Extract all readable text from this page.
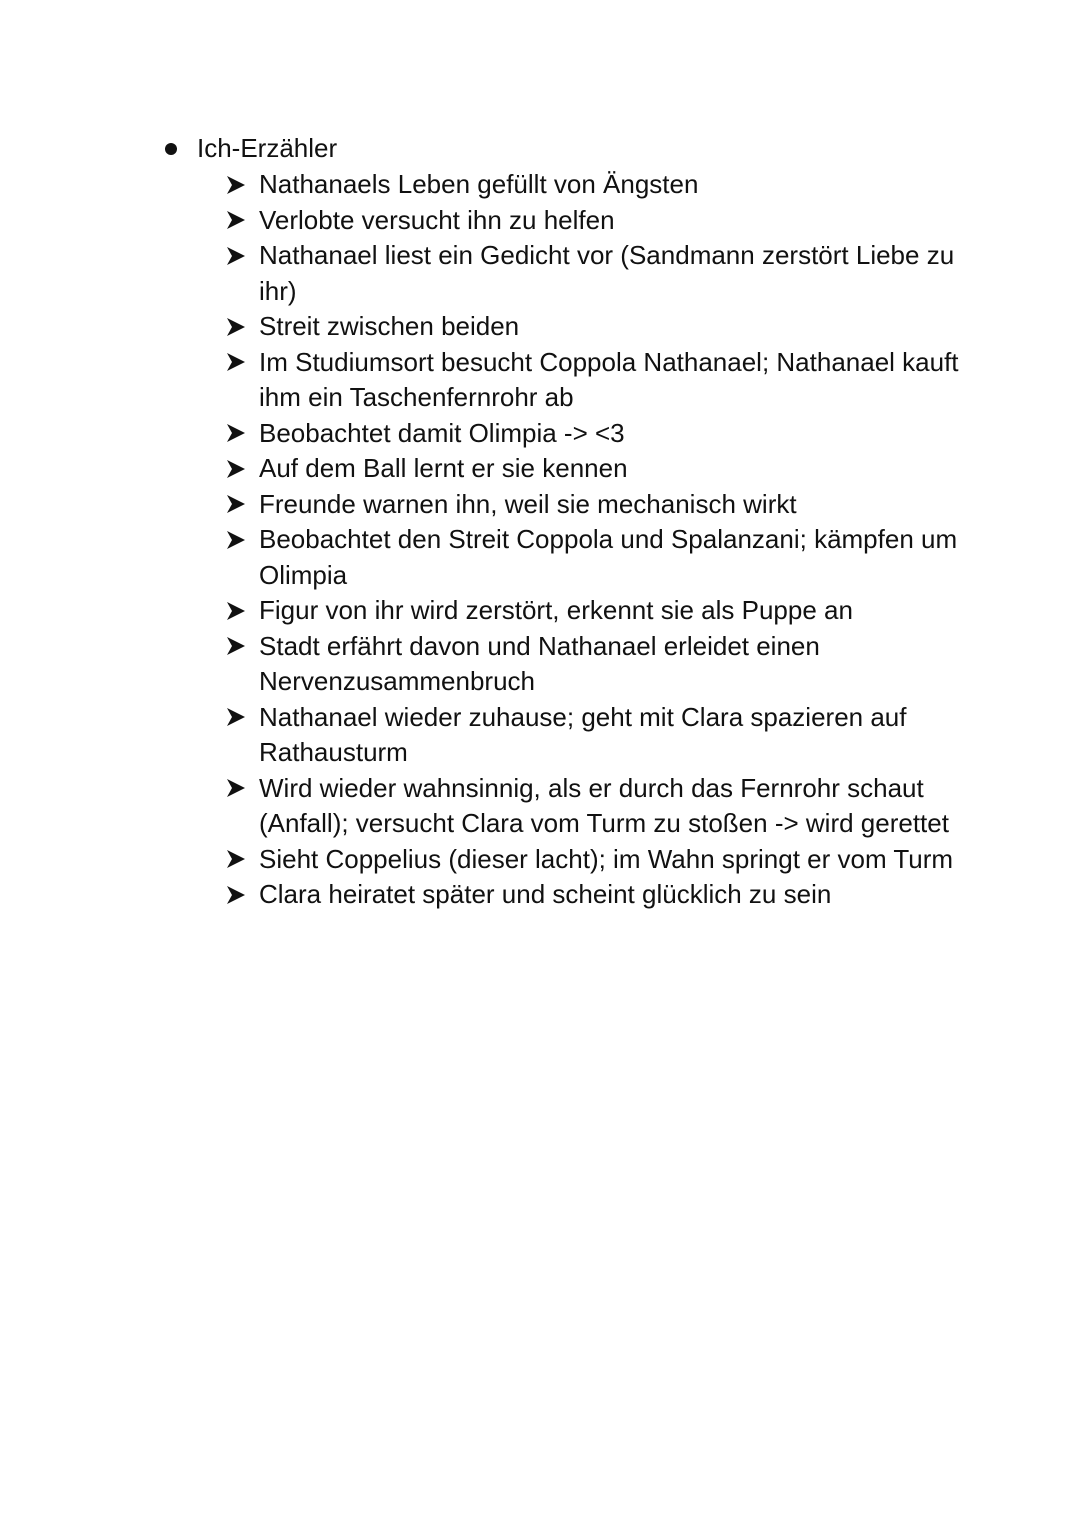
Ich-Erzähler
Nathanaels Leben gefüllt von Ängsten
Verlobte versucht ihn zu helfen
Nathanael liest ein Gedicht vor (Sandmann zerstört Liebe zu ihr)
Streit zwischen beiden
Im Studiumsort besucht Coppola Nathanael; Nathanael kauft ihm ein Taschenfernrohr ab
Beobachtet damit Olimpia -> <3
Auf dem Ball lernt er sie kennen
Freunde warnen ihn, weil sie mechanisch wirkt
Beobachtet den Streit Coppola und Spalanzani; kämpfen um Olimpia
Figur von ihr wird zerstört, erkennt sie als Puppe an
Stadt erfährt davon und Nathanael erleidet einen Nervenzusammenbruch
Nathanael wieder zuhause; geht mit Clara spazieren auf Rathausturm
Wird wieder wahnsinnig, als er durch das Fernrohr schaut (Anfall); versucht Clara vom Turm zu stoßen -> wird gerettet
Sieht Coppelius (dieser lacht); im Wahn springt er vom Turm
Clara heiratet später und scheint glücklich zu sein
